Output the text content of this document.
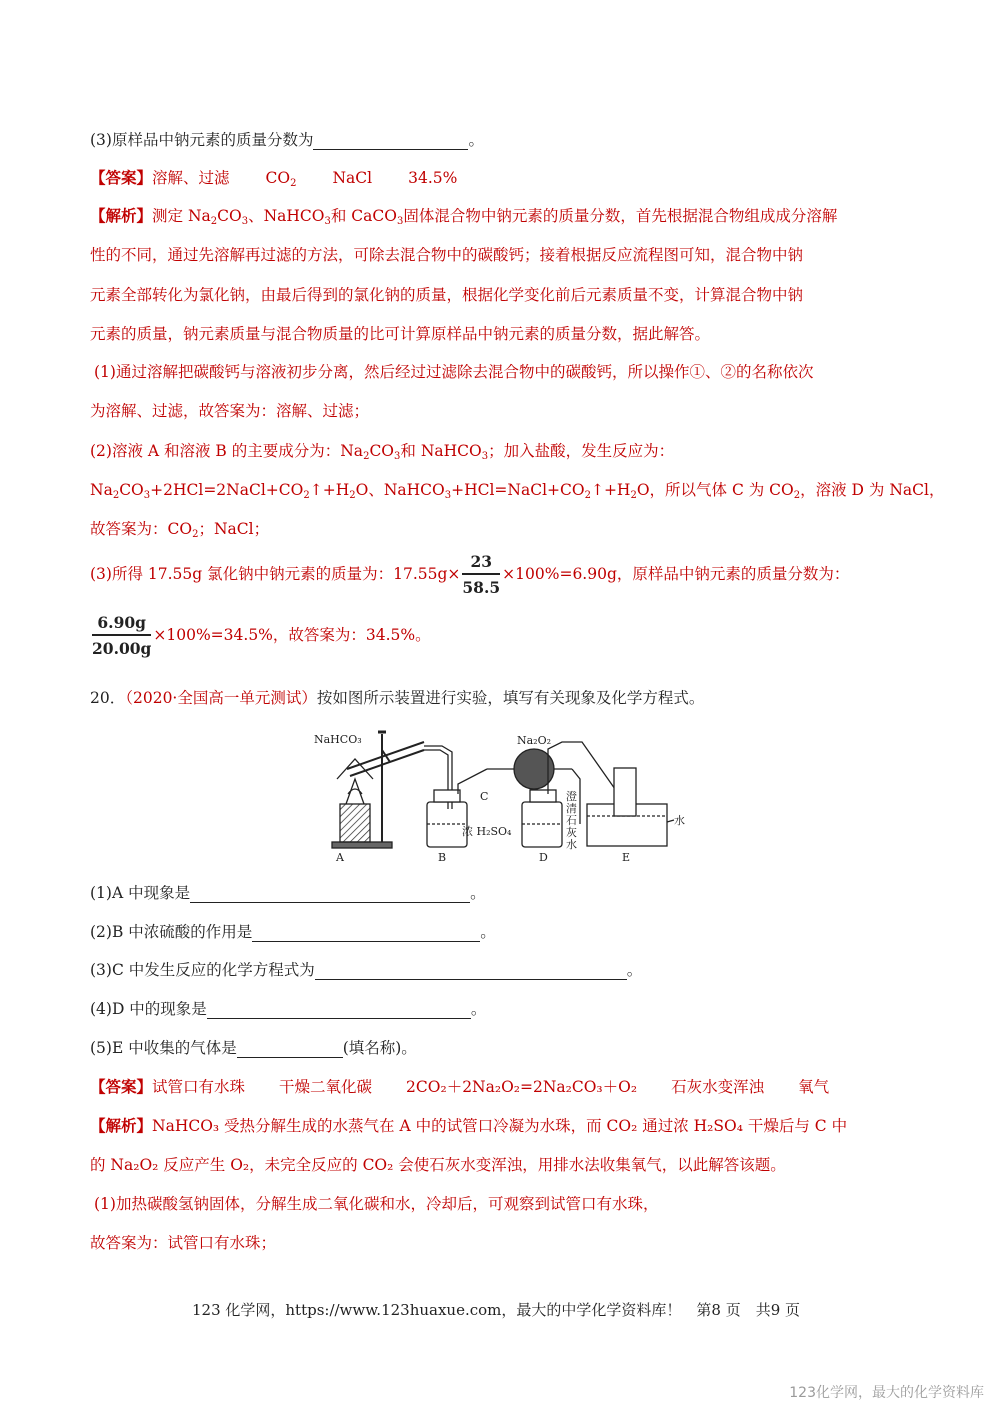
(3)原样品中钠元素的质量分数为	。
【答案】溶解、过滤 $CO_2$ NaCl 34.5%
【解析】测定 $Na_2CO_3$、NaHCO$_3$和 CaCO$_3$固体混合物中钠元素的质量分数，首先根据混合物组成成分溶解
性的不同，通过先溶解再过滤的方法，可除去混合物中的碳酸钙；接着根据反应流程图可知，混合物中钠
元素全部转化为氯化钠，由最后得到的氯化钠的质量，根据化学变化前后元素质量不变，计算混合物中钠
元素的质量，钠元素质量与混合物质量的比可计算原样品中钠元素的质量分数，据此解答。
(1)通过溶解把碳酸钙与溶液初步分离，然后经过过滤除去混合物中的碳酸钙，所以操作①、②的名称依次
为溶解、过滤，故答案为：溶解、过滤；
(2)溶液 A 和溶液 B 的主要成分为：$Na_2CO_3$和 NaHCO$_3$；加入盐酸，发生反应为：
$Na_2CO_3+2HCl=2NaCl+CO_2↑+H_2O$、$NaHCO_3+HCl=NaCl+CO_2↑+H_2O$，所以气体 C 为 $CO_2$，溶液 D 为 NaCl，
故答案为：$CO_2$；NaCl；
(3)所得 17.55g 氯化钠中钠元素的质量为：$17.55g\times \frac{23}{58.5} \times 100\%=6.90g$，原样品中钠元素的质量分数为：
$\frac{6.90g}{20.00g} \times 100\%=34.5\%$，故答案为：34.5%。
20．（2020·全国高一单元测试）按如图所示装置进行实验，填写有关现象及化学方程式。
NaHCO₃	Na₂O₂
A	B
C
D	E
浓 H₂SO₄
澄
清
石
灰
水
水
(1)A 中现象是	。
(2)B 中浓硫酸的作用是	。
(3)C 中发生反应的化学方程式为	。
(4)D 中的现象是	。
(5)E 中收集的气体是	(填名称)。
【答案】试管口有水珠 干燥二氧化碳 2CO₂＋2Na₂O₂=2Na₂CO₃＋O₂ 石灰水变浑浊 氧气
【解析】NaHCO₃ 受热分解生成的水蒸气在 A 中的试管口冷凝为水珠，而 CO₂ 通过浓 H₂SO₄ 干燥后与 C 中
的 Na₂O₂ 反应产生 O₂，未完全反应的 CO₂ 会使石灰水变浑浊，用排水法收集氧气，以此解答该题。
(1)加热碳酸氢钠固体，分解生成二氧化碳和水，冷却后，可观察到试管口有水珠，
故答案为：试管口有水珠；
123 化学网，https://www.123huaxue.com，最大的中学化学资料库！　第8 页　共9 页
123化学网，最大的化学资料库
